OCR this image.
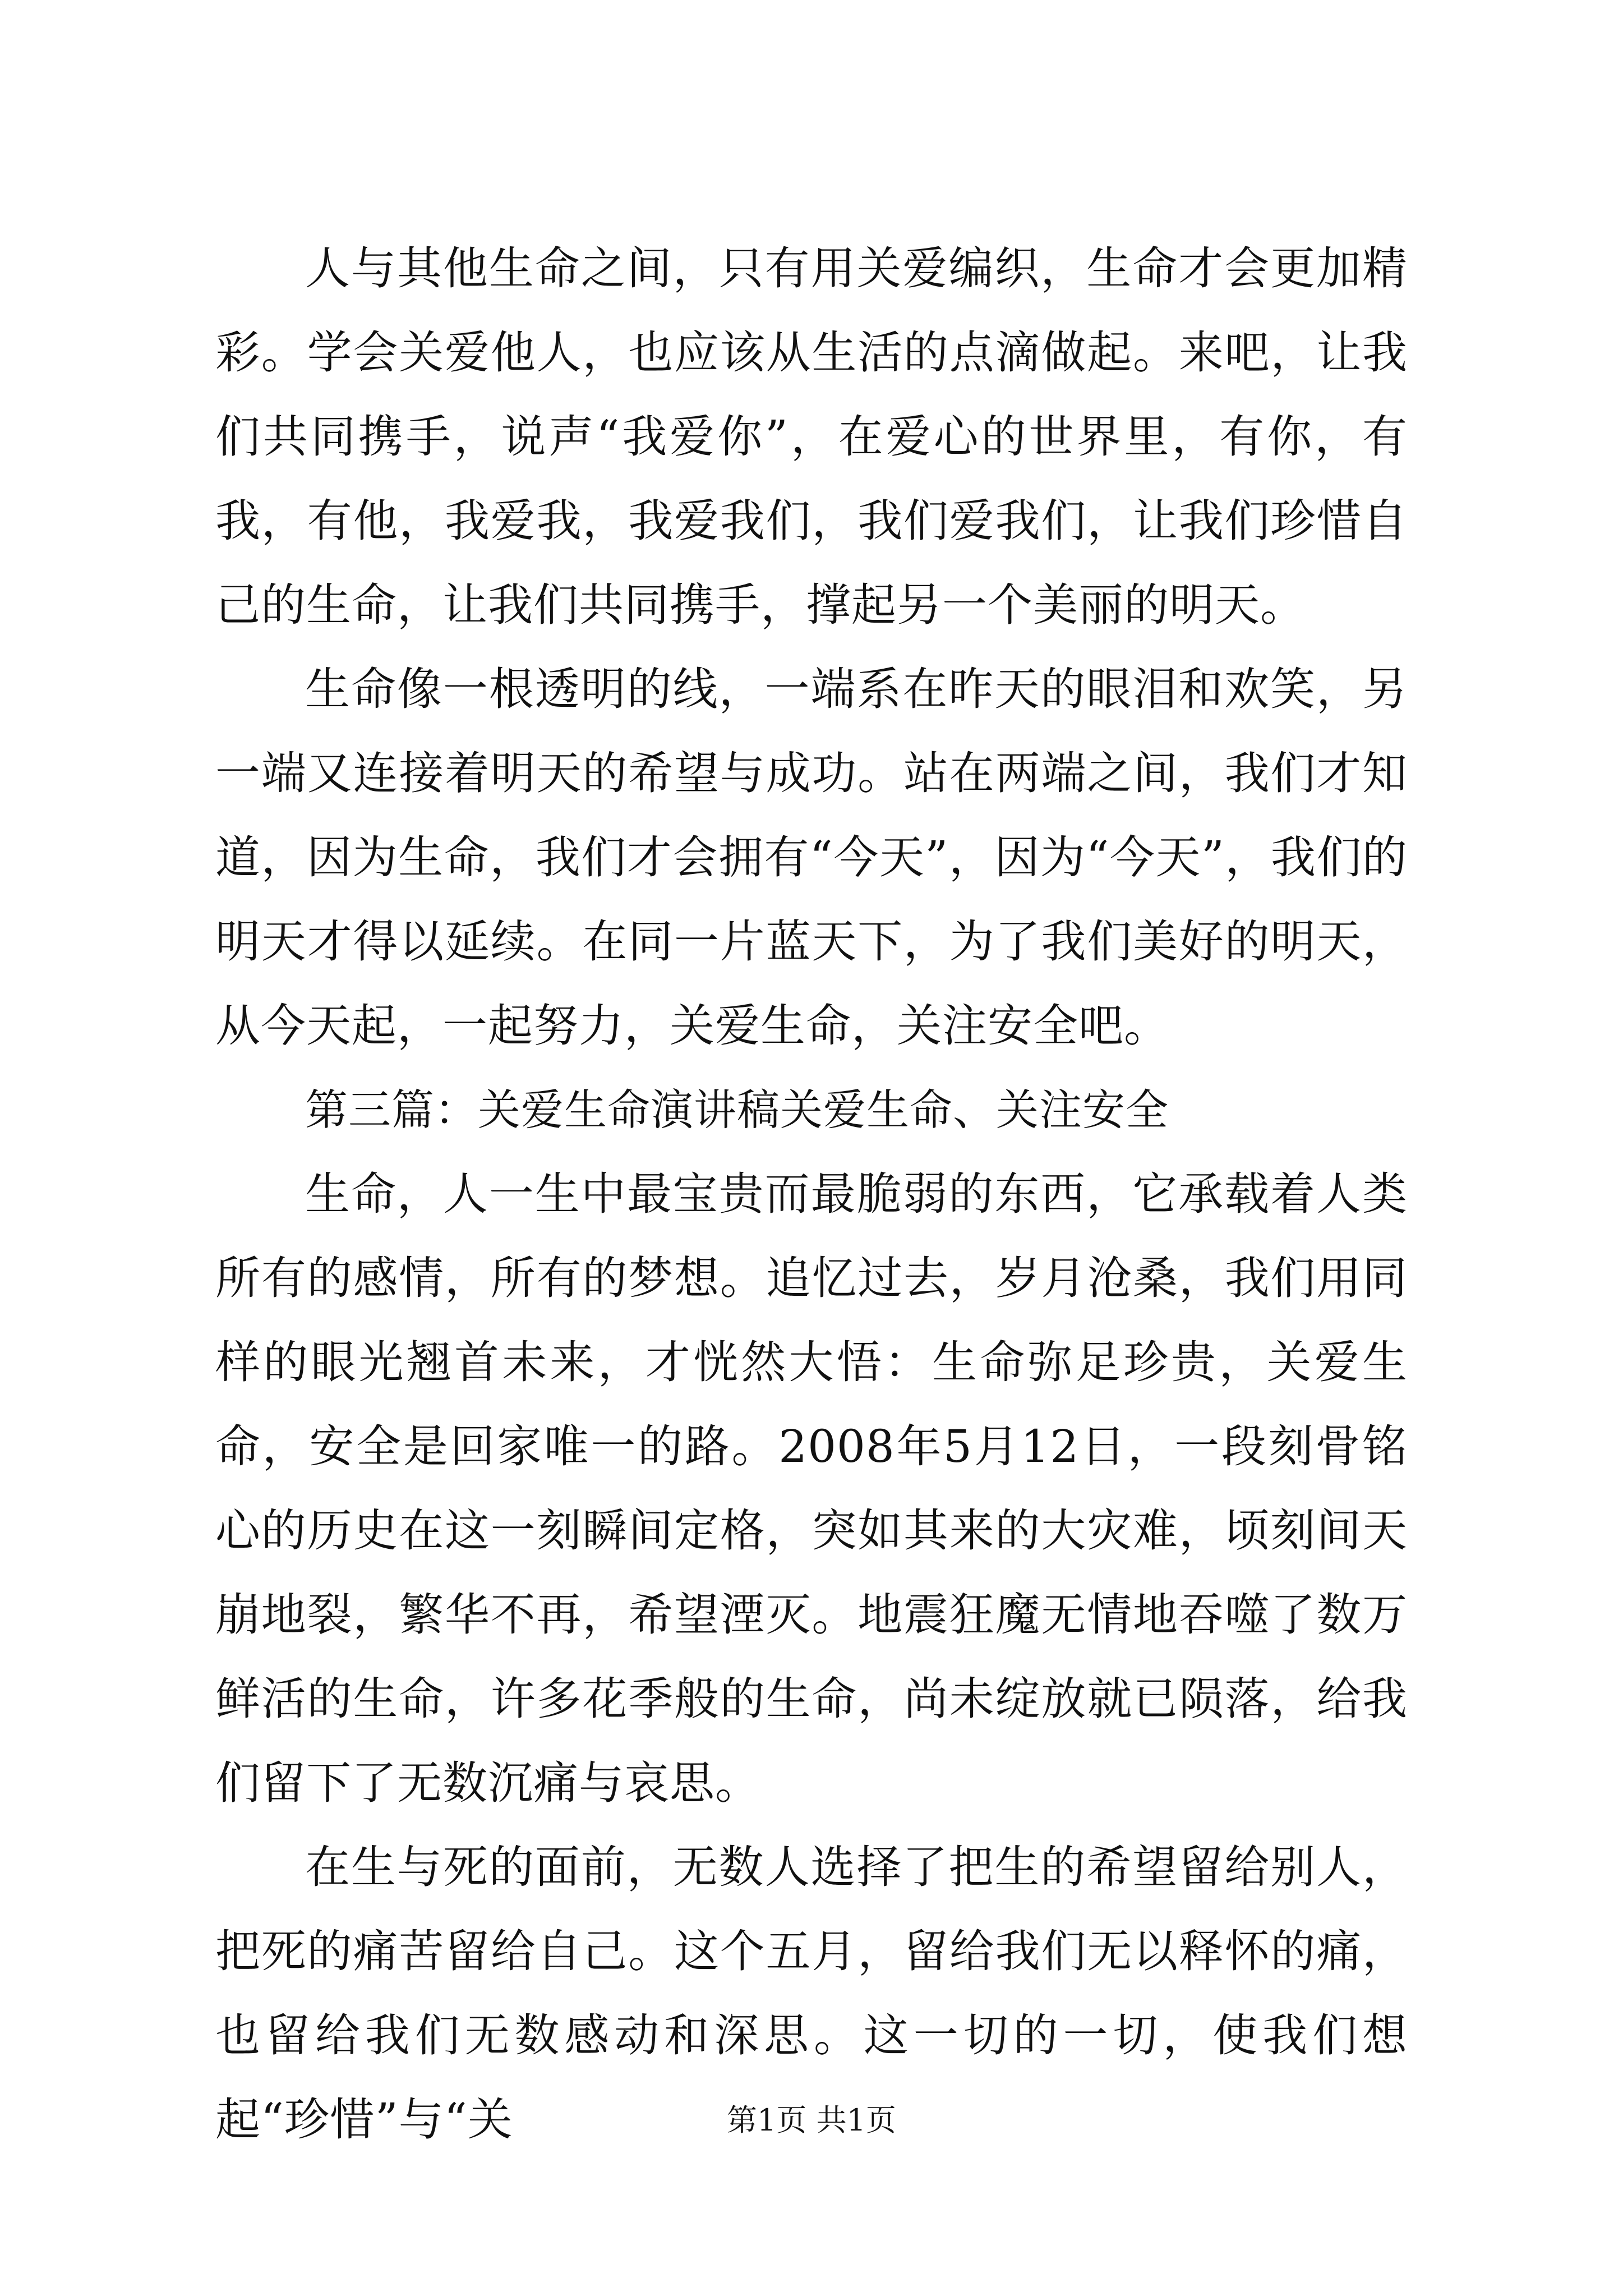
人与其他生命之间，只有用关爱编织，生命才会更加精彩。学会关爱他人，也应该从生活的点滴做起。来吧，让我们共同携手，说声“我爱你”，在爱心的世界里，有你，有我，有他，我爱我，我爱我们，我们爱我们，让我们珍惜自己的生命，让我们共同携手，撑起另一个美丽的明天。

生命像一根透明的线，一端系在昨天的眼泪和欢笑，另一端又连接着明天的希望与成功。站在两端之间，我们才知道，因为生命，我们才会拥有“今天”，因为“今天”，我们的明天才得以延续。在同一片蓝天下，为了我们美好的明天，从今天起，一起努力，关爱生命，关注安全吧。

第三篇：关爱生命演讲稿关爱生命、关注安全

生命，人一生中最宝贵而最脆弱的东西，它承载着人类所有的感情，所有的梦想。追忆过去，岁月沧桑，我们用同样的眼光翘首未来，才恍然大悟：生命弥足珍贵，关爱生命，安全是回家唯一的路。2008年5月12日，一段刻骨铭心的历史在这一刻瞬间定格，突如其来的大灾难，顷刻间天崩地裂，繁华不再，希望湮灭。地震狂魔无情地吞噬了数万鲜活的生命，许多花季般的生命，尚未绽放就已陨落，给我们留下了无数沉痛与哀思。

在生与死的面前，无数人选择了把生的希望留给别人，把死的痛苦留给自己。这个五月，留给我们无以释怀的痛，也留给我们无数感动和深思。这一切的一切，使我们想起“珍惜”与“关	第1页 共1页
